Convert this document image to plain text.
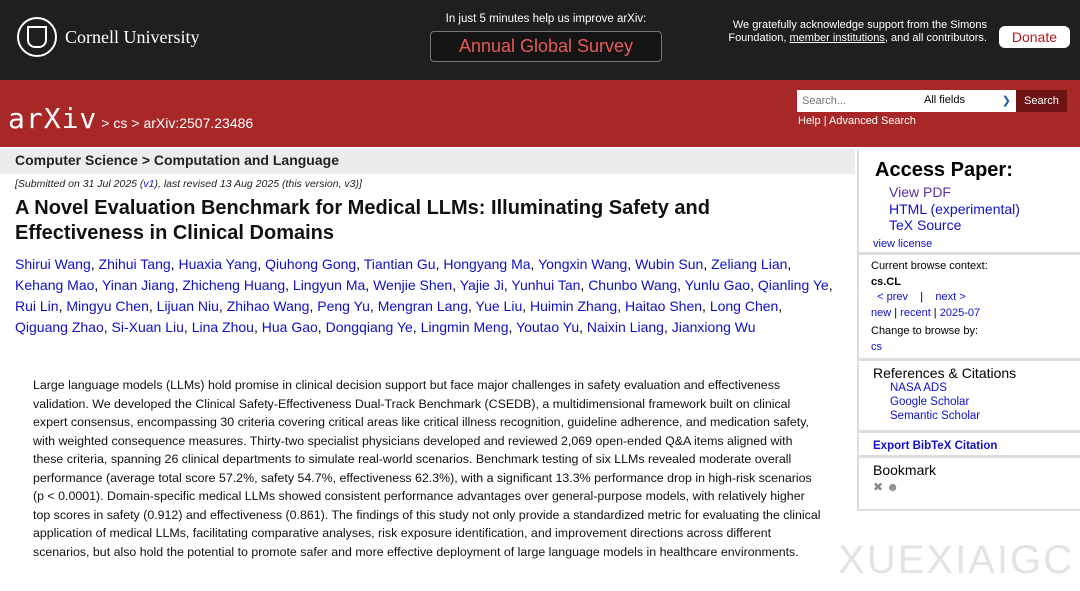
Cornell University
In just 5 minutes help us improve arXiv:
Annual Global Survey
We gratefully acknowledge support from the Simons Foundation, member institutions, and all contributors.	Donate
arXiv > cs > arXiv:2507.23486
Search...
All fields	❯	Search
Help | Advanced Search
Computer Science > Computation and Language
[Submitted on 31 Jul 2025 (v1), last revised 13 Aug 2025 (this version, v3)]
A Novel Evaluation Benchmark for Medical LLMs: Illuminating Safety and Effectiveness in Clinical Domains
Shirui Wang, Zhihui Tang, Huaxia Yang, Qiuhong Gong, Tiantian Gu, Hongyang Ma, Yongxin Wang, Wubin Sun, Zeliang Lian, Kehang Mao, Yinan Jiang, Zhicheng Huang, Lingyun Ma, Wenjie Shen, Yajie Ji, Yunhui Tan, Chunbo Wang, Yunlu Gao, Qianling Ye, Rui Lin, Mingyu Chen, Lijuan Niu, Zhihao Wang, Peng Yu, Mengran Lang, Yue Liu, Huimin Zhang, Haitao Shen, Long Chen, Qiguang Zhao, Si-Xuan Liu, Lina Zhou, Hua Gao, Dongqiang Ye, Lingmin Meng, Youtao Yu, Naixin Liang, Jianxiong Wu

Large language models (LLMs) hold promise in clinical decision support but face major challenges in safety evaluation and effectiveness validation. We developed the Clinical Safety-Effectiveness Dual-Track Benchmark (CSEDB), a multidimensional framework built on clinical expert consensus, encompassing 30 criteria covering critical areas like critical illness recognition, guideline adherence, and medication safety, with weighted consequence measures. Thirty-two specialist physicians developed and reviewed 2,069 open-ended Q&A items aligned with these criteria, spanning 26 clinical departments to simulate real-world scenarios. Benchmark testing of six LLMs revealed moderate overall performance (average total score 57.2%, safety 54.7%, effectiveness 62.3%), with a significant 13.3% performance drop in high-risk scenarios (p < 0.0001). Domain-specific medical LLMs showed consistent performance advantages over general-purpose models, with relatively higher top scores in safety (0.912) and effectiveness (0.861). The findings of this study not only provide a standardized metric for evaluating the clinical application of medical LLMs, facilitating comparative analyses, risk exposure identification, and improvement directions across different scenarios, but also hold the potential to promote safer and more effective deployment of large language models in healthcare environments.

Access Paper:
View PDF
HTML (experimental)
TeX Source
view license
Current browse context:
cs.CL
< prev | next >
new | recent | 2025-07
Change to browse by:
cs
References & Citations
NASA ADS
Google Scholar
Semantic Scholar
Export BibTeX Citation
Bookmark
✖ ☻
XUEXIAIGC
